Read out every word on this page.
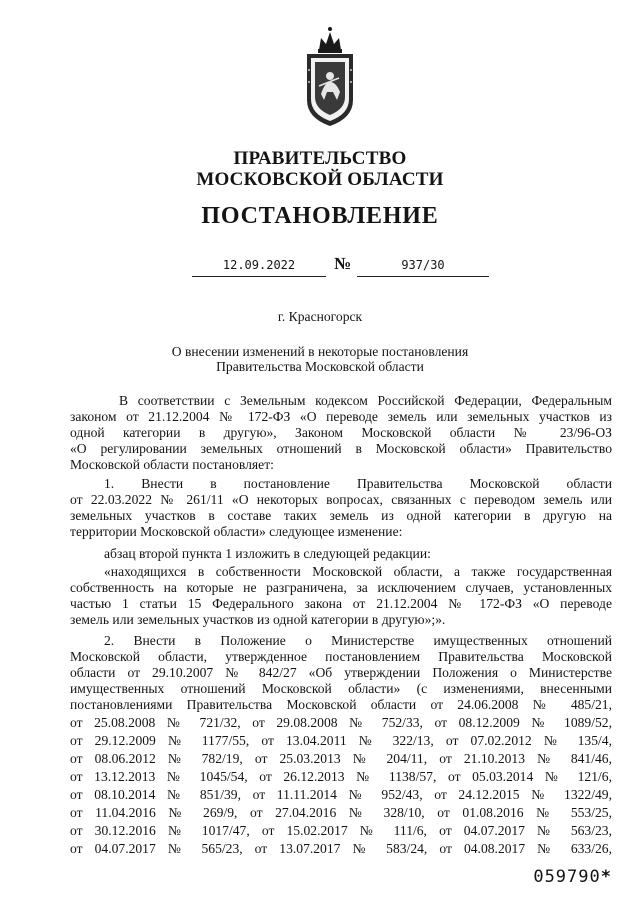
ПРАВИТЕЛЬСТВО
МОСКОВСКОЙ ОБЛАСТИ
ПОСТАНОВЛЕНИЕ
12.09.2022	№	937/30
г. Красногорск
О внесении изменений в некоторые постановления
Правительства Московской области
В соответствии с Земельным кодексом Российской Федерации, Федеральным
законом от 21.12.2004 № 172-ФЗ «О переводе земель или земельных участков из
одной категории в другую», Законом Московской области № 23/96-ОЗ
«О регулировании земельных отношений в Московской области» Правительство
Московской области постановляет:
1. Внести в постановление Правительства Московской области
от 22.03.2022 № 261/11 «О некоторых вопросах, связанных с переводом земель или
земельных участков в составе таких земель из одной категории в другую на
территории Московской области» следующее изменение:
абзац второй пункта 1 изложить в следующей редакции:
«находящихся в собственности Московской области, а также государственная
собственность на которые не разграничена, за исключением случаев, установленных
частью 1 статьи 15 Федерального закона от 21.12.2004 № 172-ФЗ «О переводе
земель или земельных участков из одной категории в другую»;».
2. Внести в Положение о Министерстве имущественных отношений
Московской области, утвержденное постановлением Правительства Московской
области от 29.10.2007 № 842/27 «Об утверждении Положения о Министерстве
имущественных отношений Московской области» (с изменениями, внесенными
постановлениями Правительства Московской области от 24.06.2008 № 485/21,
от 25.08.2008 № 721/32, от 29.08.2008 № 752/33, от 08.12.2009 № 1089/52,
от 29.12.2009 № 1177/55, от 13.04.2011 № 322/13, от 07.02.2012 № 135/4,
от 08.06.2012 № 782/19, от 25.03.2013 № 204/11, от 21.10.2013 № 841/46,
от 13.12.2013 № 1045/54, от 26.12.2013 № 1138/57, от 05.03.2014 № 121/6,
от 08.10.2014 № 851/39, от 11.11.2014 № 952/43, от 24.12.2015 № 1322/49,
от 11.04.2016 № 269/9, от 27.04.2016 № 328/10, от 01.08.2016 № 553/25,
от 30.12.2016 № 1017/47, от 15.02.2017 № 111/6, от 04.07.2017 № 563/23,
от 04.07.2017 № 565/23, от 13.07.2017 № 583/24, от 04.08.2017 № 633/26,
059790*
